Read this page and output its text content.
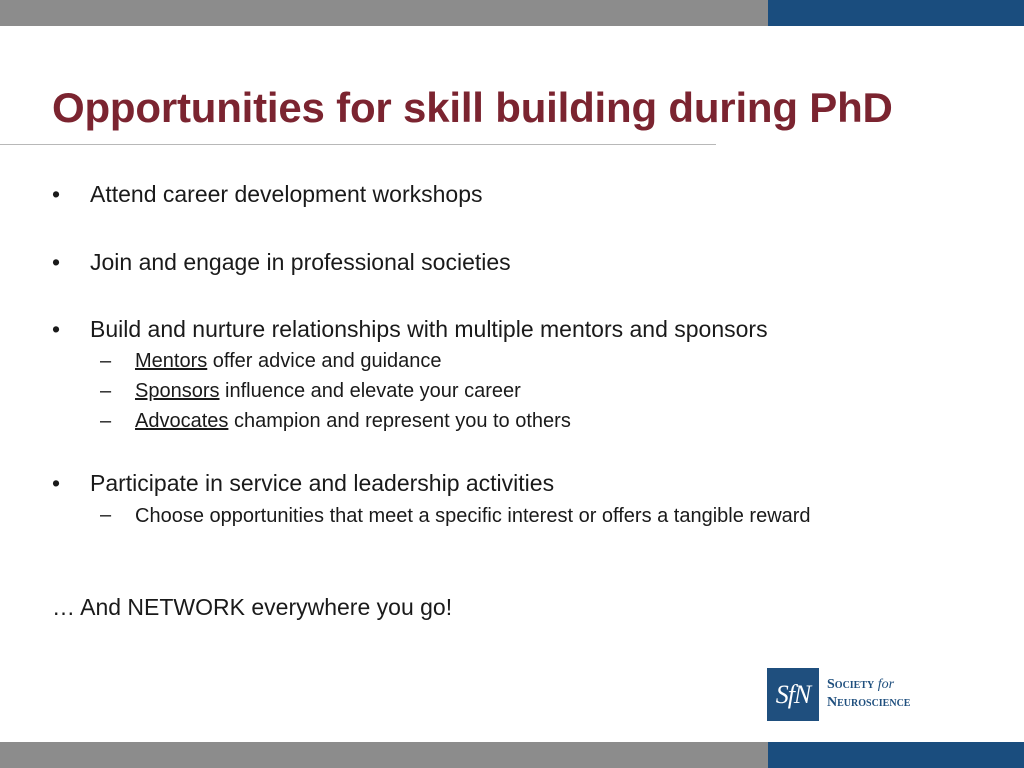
Opportunities for skill building during PhD
• Attend career development workshops
• Join and engage in professional societies
• Build and nurture relationships with multiple mentors and sponsors
– Mentors offer advice and guidance
– Sponsors influence and elevate your career
– Advocates champion and represent you to others
• Participate in service and leadership activities
– Choose opportunities that meet a specific interest or offers a tangible reward
… And NETWORK everywhere you go!
SfN	Society for
Neuroscience
